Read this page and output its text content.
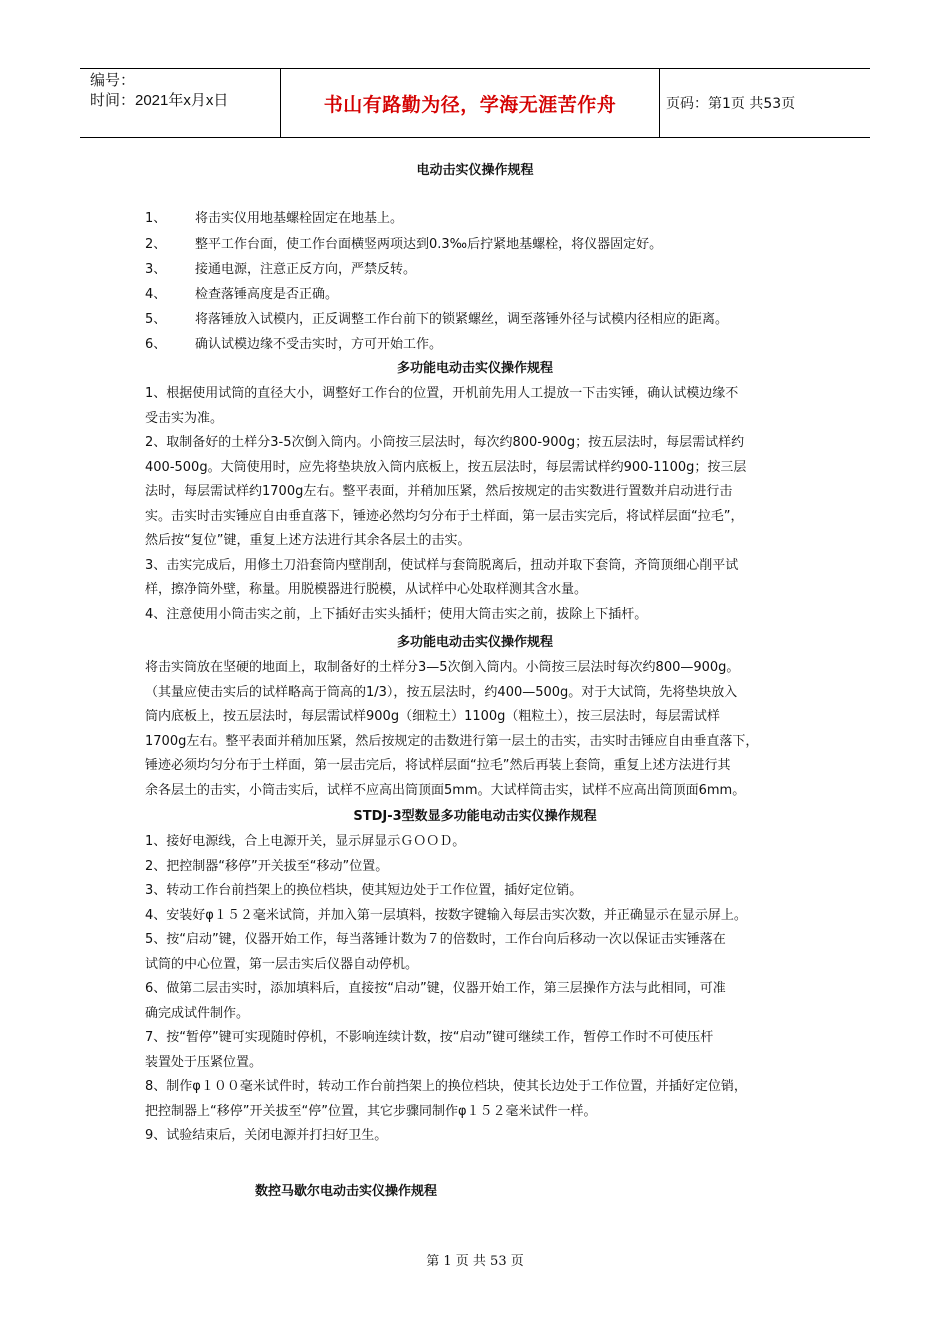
编号：
时间：2021年x月x日	书山有路勤为径，学海无涯苦作舟	页码：第1页 共53页
电动击实仪操作规程
1、 将击实仪用地基螺栓固定在地基上。
2、 整平工作台面，使工作台面横竖两项达到0.3‰后拧紧地基螺栓，将仪器固定好。
3、 接通电源，注意正反方向，严禁反转。
4、 检查落锤高度是否正确。
5、 将落锤放入试模内，正反调整工作台前下的锁紧螺丝，调至落锤外径与试模内径相应的距离。
6、 确认试模边缘不受击实时，方可开始工作。
多功能电动击实仪操作规程
1、根据使用试筒的直径大小，调整好工作台的位置，开机前先用人工提放一下击实锤，确认试模边缘不
受击实为准。
2、取制备好的土样分3-5次倒入筒内。小筒按三层法时，每次约800-900g；按五层法时，每层需试样约
400-500g。大筒使用时，应先将垫块放入筒内底板上，按五层法时，每层需试样约900-1100g；按三层
法时，每层需试样约1700g左右。整平表面，并稍加压紧，然后按规定的击实数进行置数并启动进行击
实。击实时击实锤应自由垂直落下，锤迹必然均匀分布于土样面，第一层击实完后，将试样层面“拉毛”，
然后按“复位”键，重复上述方法进行其余各层土的击实。
3、击实完成后，用修土刀沿套筒内壁削刮，使试样与套筒脱离后，扭动并取下套筒，齐筒顶细心削平试
样，擦净筒外壁，称量。用脱模器进行脱模，从试样中心处取样测其含水量。
4、注意使用小筒击实之前，上下插好击实头插杆；使用大筒击实之前，拔除上下插杆。
多功能电动击实仪操作规程
将击实筒放在坚硬的地面上，取制备好的土样分3—5次倒入筒内。小筒按三层法时每次约800—900g。
（其量应使击实后的试样略高于筒高的1/3），按五层法时，约400—500g。对于大试筒，先将垫块放入
筒内底板上，按五层法时，每层需试样900g（细粒土）1100g（粗粒土），按三层法时，每层需试样
1700g左右。整平表面并稍加压紧，然后按规定的击数进行第一层土的击实，击实时击锤应自由垂直落下，
锤迹必须均匀分布于土样面，第一层击完后，将试样层面“拉毛”然后再装上套筒，重复上述方法进行其
余各层土的击实，小筒击实后，试样不应高出筒顶面5mm。大试样筒击实，试样不应高出筒顶面6mm。
STDJ-3型数显多功能电动击实仪操作规程
1、接好电源线，合上电源开关，显示屏显示ＧＯＯＤ。
2、把控制器“移停”开关拔至“移动”位置。
3、转动工作台前挡架上的换位档块，使其短边处于工作位置，插好定位销。
4、安装好φ１５２毫米试筒，并加入第一层填料，按数字键输入每层击实次数，并正确显示在显示屏上。
5、按“启动”键，仪器开始工作，每当落锤计数为７的倍数时，工作台向后移动一次以保证击实锤落在
试筒的中心位置，第一层击实后仪器自动停机。
6、做第二层击实时，添加填料后，直接按“启动”键，仪器开始工作，第三层操作方法与此相同，可准
确完成试件制作。
7、按“暂停”键可实现随时停机，不影响连续计数，按“启动”键可继续工作，暂停工作时不可使压杆
装置处于压紧位置。
8、制作φ１００毫米试件时，转动工作台前挡架上的换位档块，使其长边处于工作位置，并插好定位销，
把控制器上“移停”开关拔至“停”位置，其它步骤同制作φ１５２毫米试件一样。
9、试验结束后，关闭电源并打扫好卫生。
数控马歇尔电动击实仪操作规程
第 1 页 共 53 页
